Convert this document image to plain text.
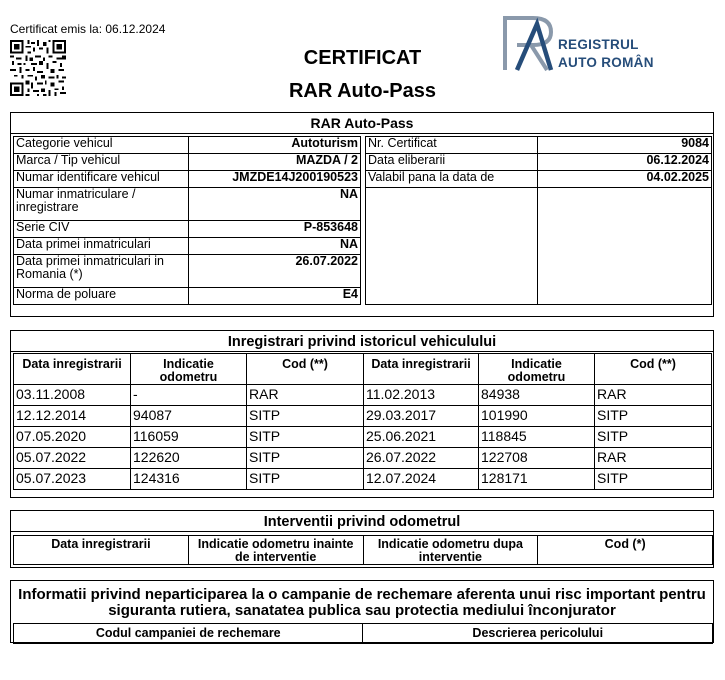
Certificat emis la: 06.12.2024
CERTIFICAT
RAR Auto-Pass
REGISTRUL
AUTO ROMÂN
RAR Auto-Pass
Categorie vehicul	Autoturism
Marca / Tip vehicul	MAZDA / 2
Numar identificare vehicul	JMZDE14J200190523
Numar inmatriculare / inregistrare	NA
Serie CIV	P-853648
Data primei inmatriculari	NA
Data primei inmatriculari in Romania (*)	26.07.2022
Norma de poluare	E4
Nr. Certificat	9084
Data eliberarii	06.12.2024
Valabil pana la data de	04.02.2025

Inregistrari privind istoricul vehiculului
Data inregistrarii	Indicatie odometru	Cod (**)	Data inregistrarii	Indicatie odometru	Cod (**)
03.11.2008	-	RAR	11.02.2013	84938	RAR
12.12.2014	94087	SITP	29.03.2017	101990	SITP
07.05.2020	116059	SITP	25.06.2021	118845	SITP
05.07.2022	122620	SITP	26.07.2022	122708	RAR
05.07.2023	124316	SITP	12.07.2024	128171	SITP
Interventii privind odometrul
Data inregistrarii	Indicatie odometru inainte de interventie	Indicatie odometru dupa interventie	Cod (*)
Informatii privind neparticiparea la o campanie de rechemare aferenta unui risc important pentru siguranta rutiera, sanatatea publica sau protectia mediului înconjurator
Codul campaniei de rechemare	Descrierea pericolului
